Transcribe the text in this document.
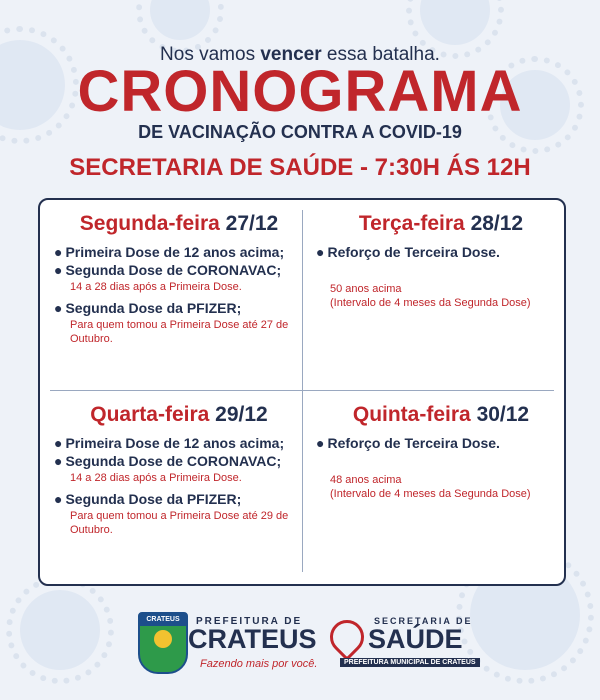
Nos vamos vencer essa batalha.
CRONOGRAMA
DE VACINAÇÃO CONTRA A COVID-19
SECRETARIA DE SAÚDE - 7:30H ÁS 12H
Segunda-feira 27/12
● Primeira Dose de 12 anos acima;
● Segunda Dose de CORONAVAC;
14 a 28 dias após a Primeira Dose.
● Segunda Dose da PFIZER;
Para quem tomou a Primeira Dose até 27 de Outubro.
Terça-feira 28/12
● Reforço de Terceira Dose.
50 anos acima
(Intervalo de 4 meses da Segunda Dose)
Quarta-feira 29/12
● Primeira Dose de 12 anos acima;
● Segunda Dose de CORONAVAC;
14 a 28 dias após a Primeira Dose.
● Segunda Dose da PFIZER;
Para quem tomou a Primeira Dose até 29 de Outubro.
Quinta-feira 30/12
● Reforço de Terceira Dose.
48 anos acima
(Intervalo de 4 meses da Segunda Dose)
CRATEUS	PREFEITURA DE
CRATEUS
Fazendo mais por você.
SECRETARIA DE
SAÚDE
PREFEITURA MUNICIPAL DE CRATEÚS
